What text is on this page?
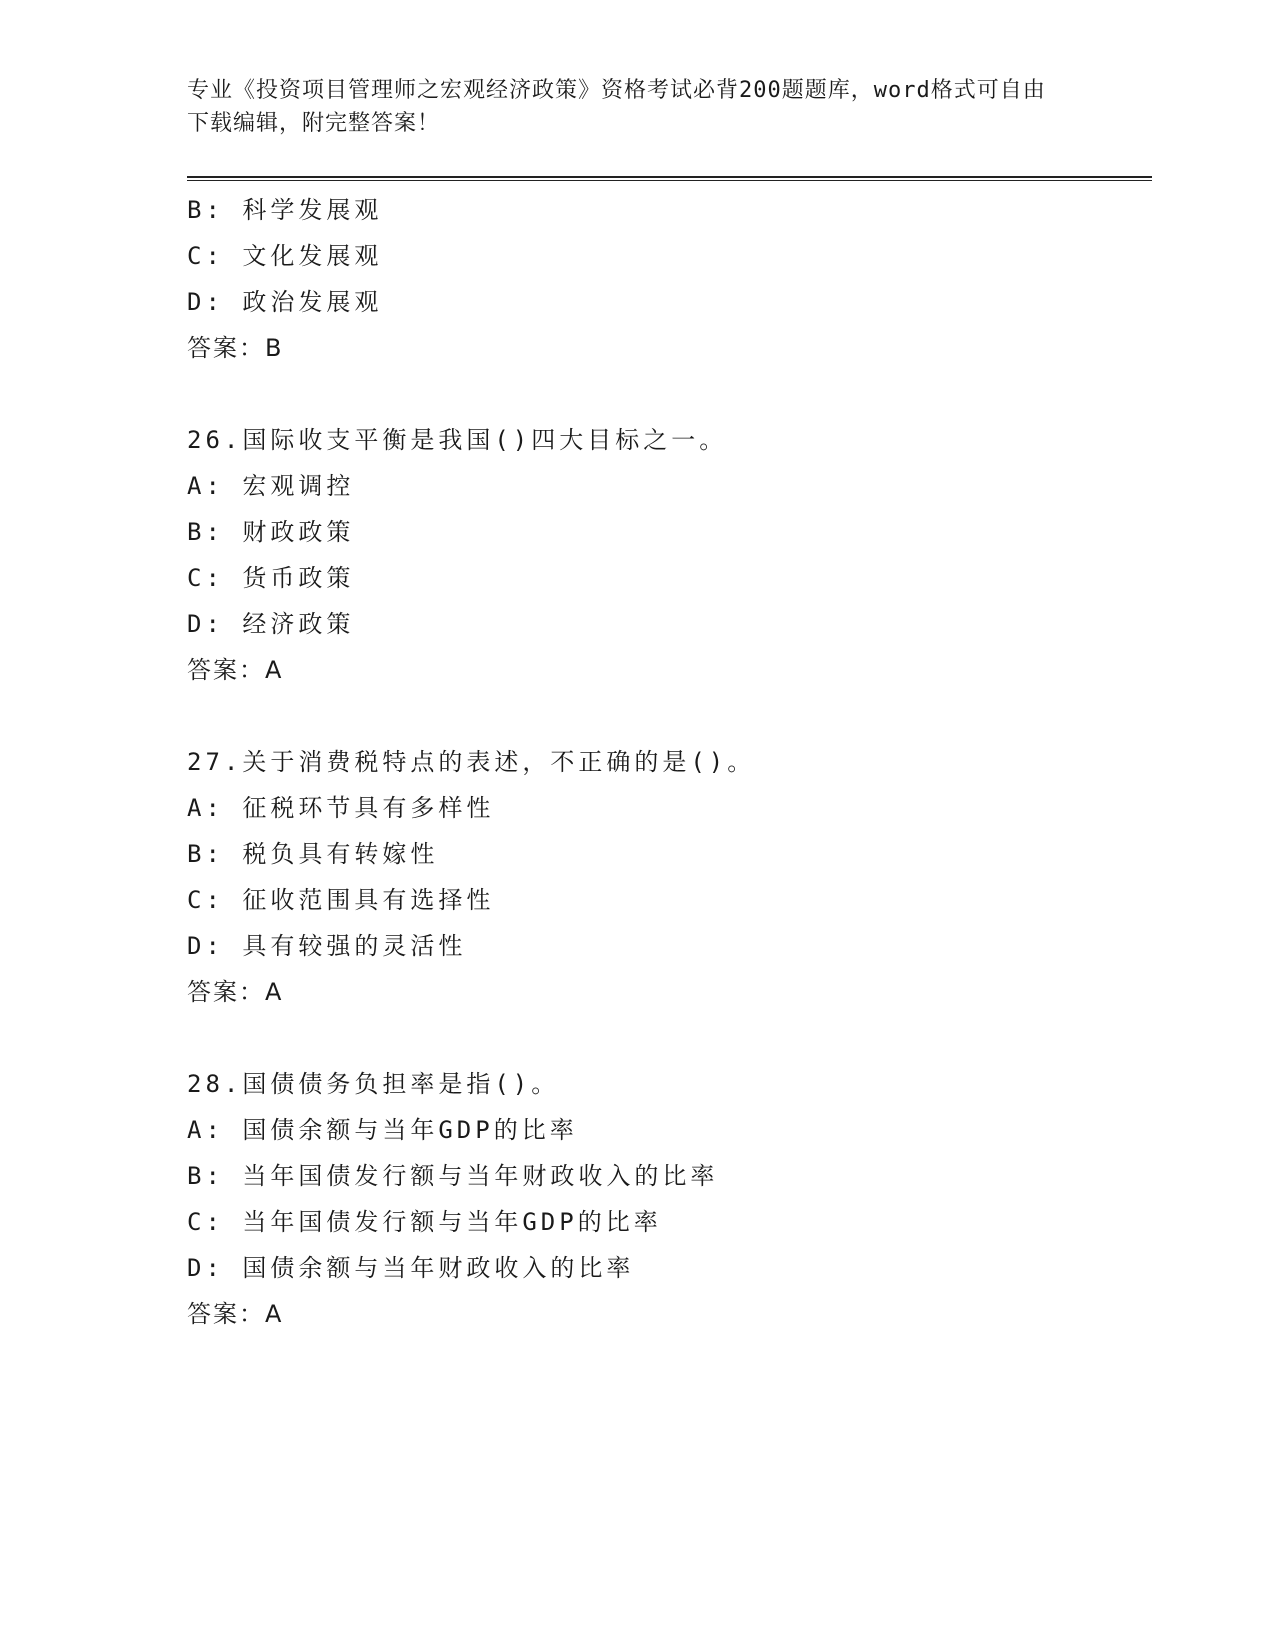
专业《投资项目管理师之宏观经济政策》资格考试必背200题题库，word格式可自由下载编辑，附完整答案！
B: 科学发展观
C: 文化发展观
D: 政治发展观
答案：B
26.国际收支平衡是我国()四大目标之一。
A: 宏观调控
B: 财政政策
C: 货币政策
D: 经济政策
答案：A
27.关于消费税特点的表述，不正确的是()。
A: 征税环节具有多样性
B: 税负具有转嫁性
C: 征收范围具有选择性
D: 具有较强的灵活性
答案：A
28.国债债务负担率是指()。
A: 国债余额与当年GDP的比率
B: 当年国债发行额与当年财政收入的比率
C: 当年国债发行额与当年GDP的比率
D: 国债余额与当年财政收入的比率
答案：A
